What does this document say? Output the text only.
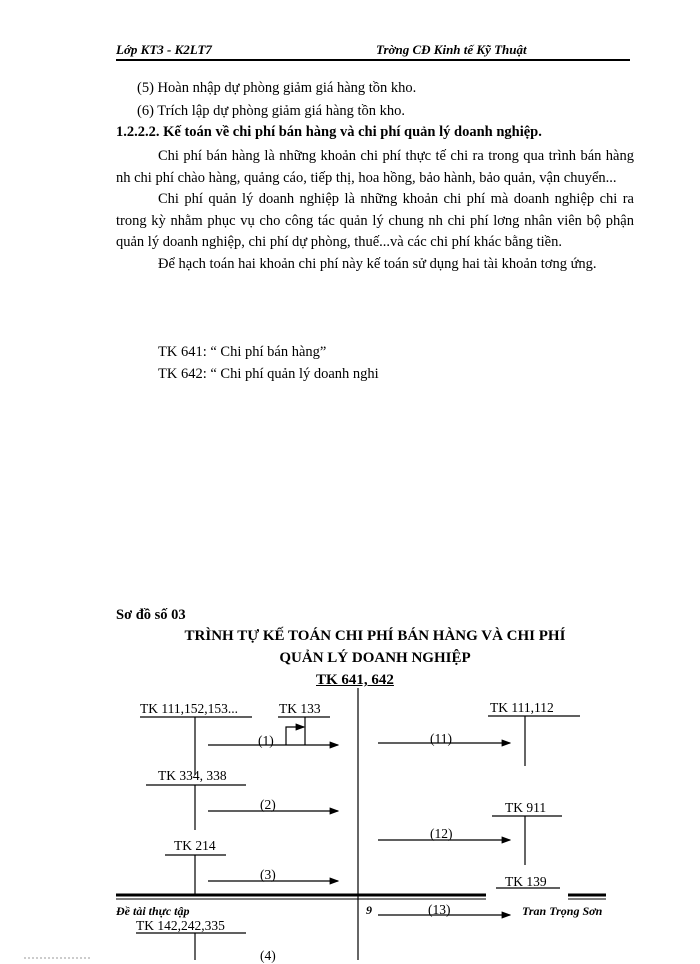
Lớp KT3 - K2LT7	Trờng CĐ Kinh tế Kỹ Thuật
(5) Hoàn nhập dự phòng giảm giá hàng tồn kho.
(6) Trích lập dự phòng giảm giá hàng tồn kho.
1.2.2.2. Kế toán về chi phí bán hàng và chi phí quản lý doanh nghiệp.

Chi phí bán hàng là những khoản chi phí thực tế chi ra trong qua trình bán hàng nh chi phí chào hàng, quảng cáo, tiếp thị, hoa hồng, bảo hành, bảo quản, vận chuyển...

Chi phí quản lý doanh nghiệp là những khoản chi phí mà doanh nghiệp chi ra trong kỳ nhằm phục vụ cho công tác quản lý chung nh chi phí lơng nhân viên bộ phận quản lý doanh nghiệp, chi phí dự phòng, thuế...và các chi phí khác bằng tiền.

Để hạch toán hai khoản chi phí này kế toán sử dụng hai tài khoản tơng ứng.

TK 641: “ Chi phí bán hàng”
TK 642: “ Chi phí quản lý doanh nghi
Sơ đồ số 03
TRÌNH TỰ KẾ TOÁN CHI PHÍ BÁN HÀNG VÀ CHI PHÍ
QUẢN LÝ DOANH NGHIỆP
TK 641, 642
TK 111,152,153...	TK 133
TK 334, 338
TK 214
TK 142,242,335
TK 111,112
TK 911
TK 139
(1)
(2)
(3)
(4)
(11)
(12)
(13)
Đề tài thực tập	9	Tran Trọng Sơn
